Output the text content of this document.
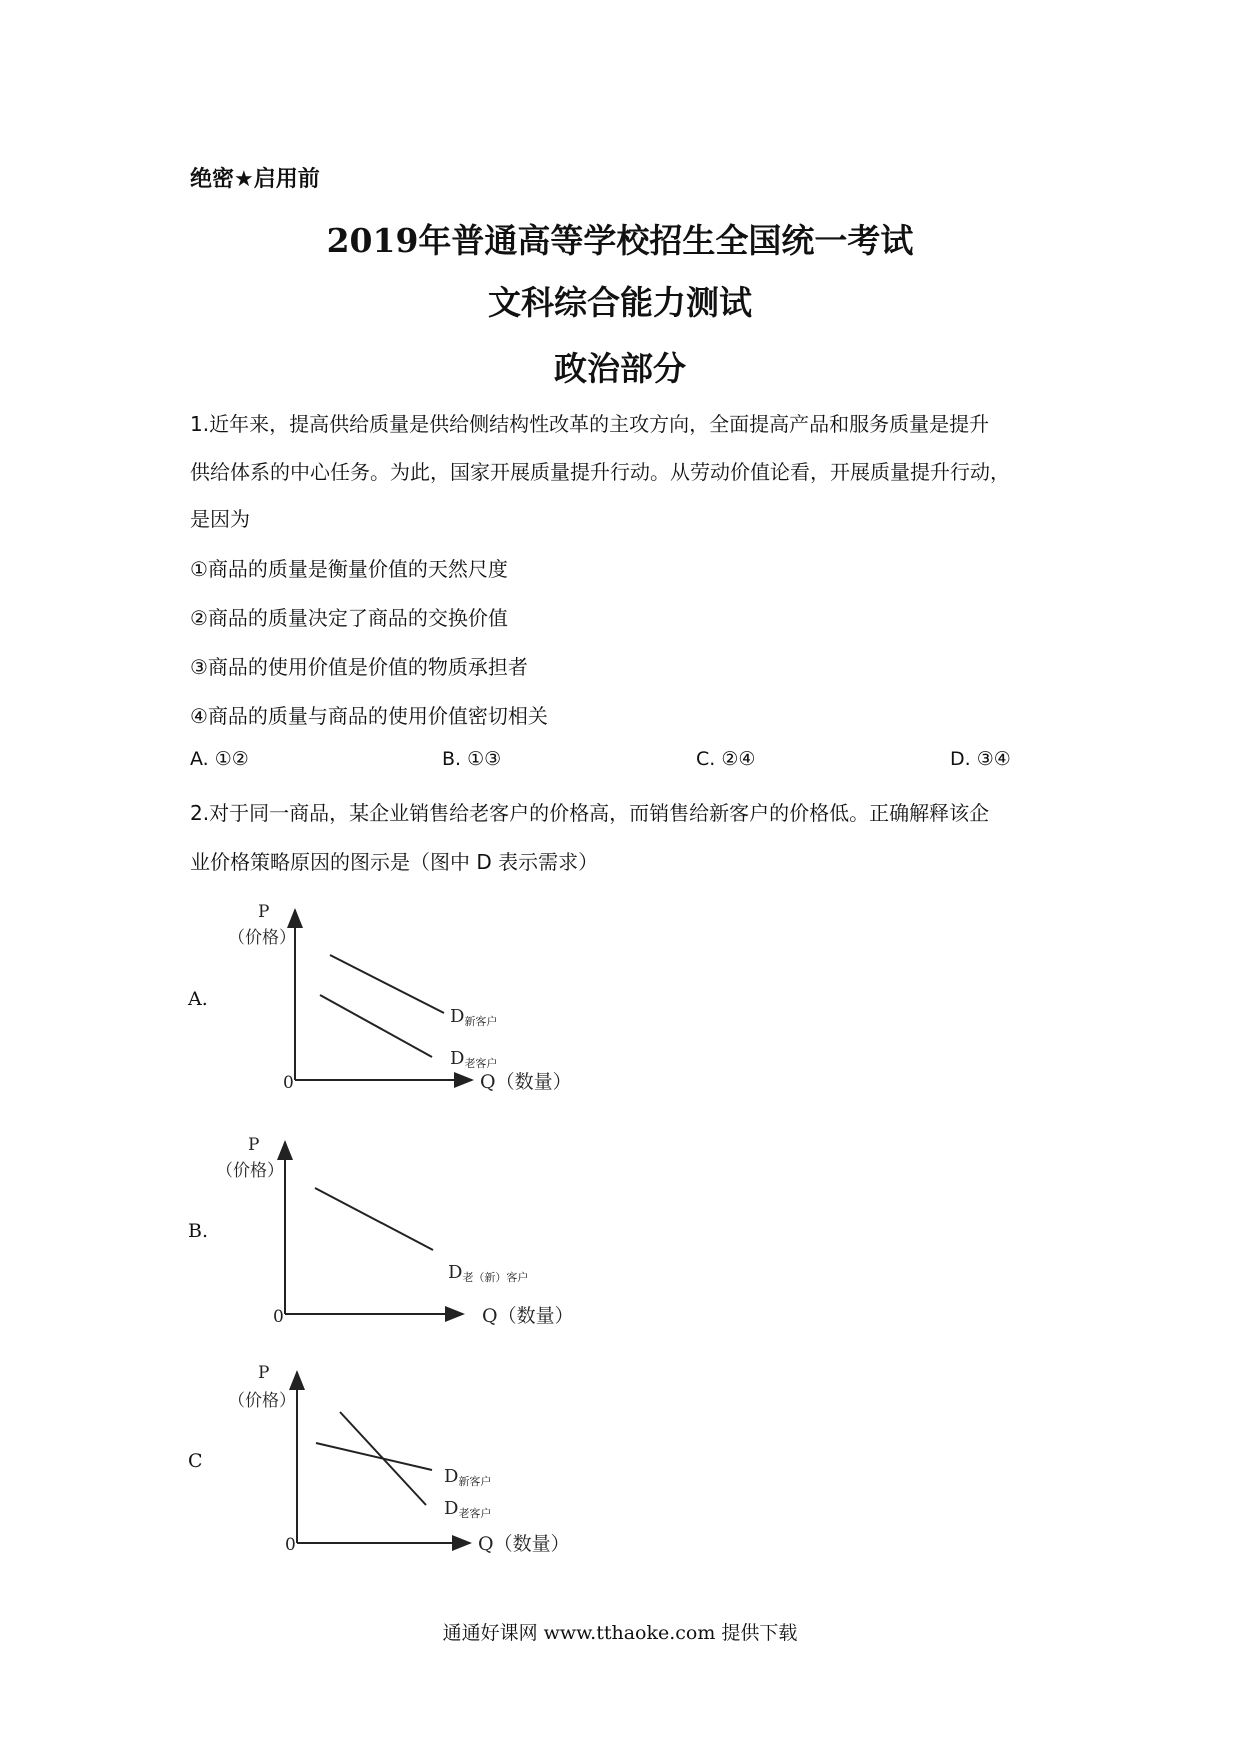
绝密★启用前
2019年普通高等学校招生全国统一考试
文科综合能力测试
政治部分
1.近年来，提高供给质量是供给侧结构性改革的主攻方向，全面提高产品和服务质量是提升
供给体系的中心任务。为此，国家开展质量提升行动。从劳动价值论看，开展质量提升行动，
是因为
①商品的质量是衡量价值的天然尺度
②商品的质量决定了商品的交换价值
③商品的使用价值是价值的物质承担者
④商品的质量与商品的使用价值密切相关
A. ①②	B. ①③	C. ②④	D. ③④
2.对于同一商品，某企业销售给老客户的价格高，而销售给新客户的价格低。正确解释该企
业价格策略原因的图示是（图中 D 表示需求）
A.
P
（价格）
0	Q（数量）
D新客户
D老客户
B.
P
（价格）
0	Q（数量）
D老（新）客户
C
P
（价格）
0	Q（数量）
D新客户
D老客户
通通好课网 www.tthaoke.com 提供下载
